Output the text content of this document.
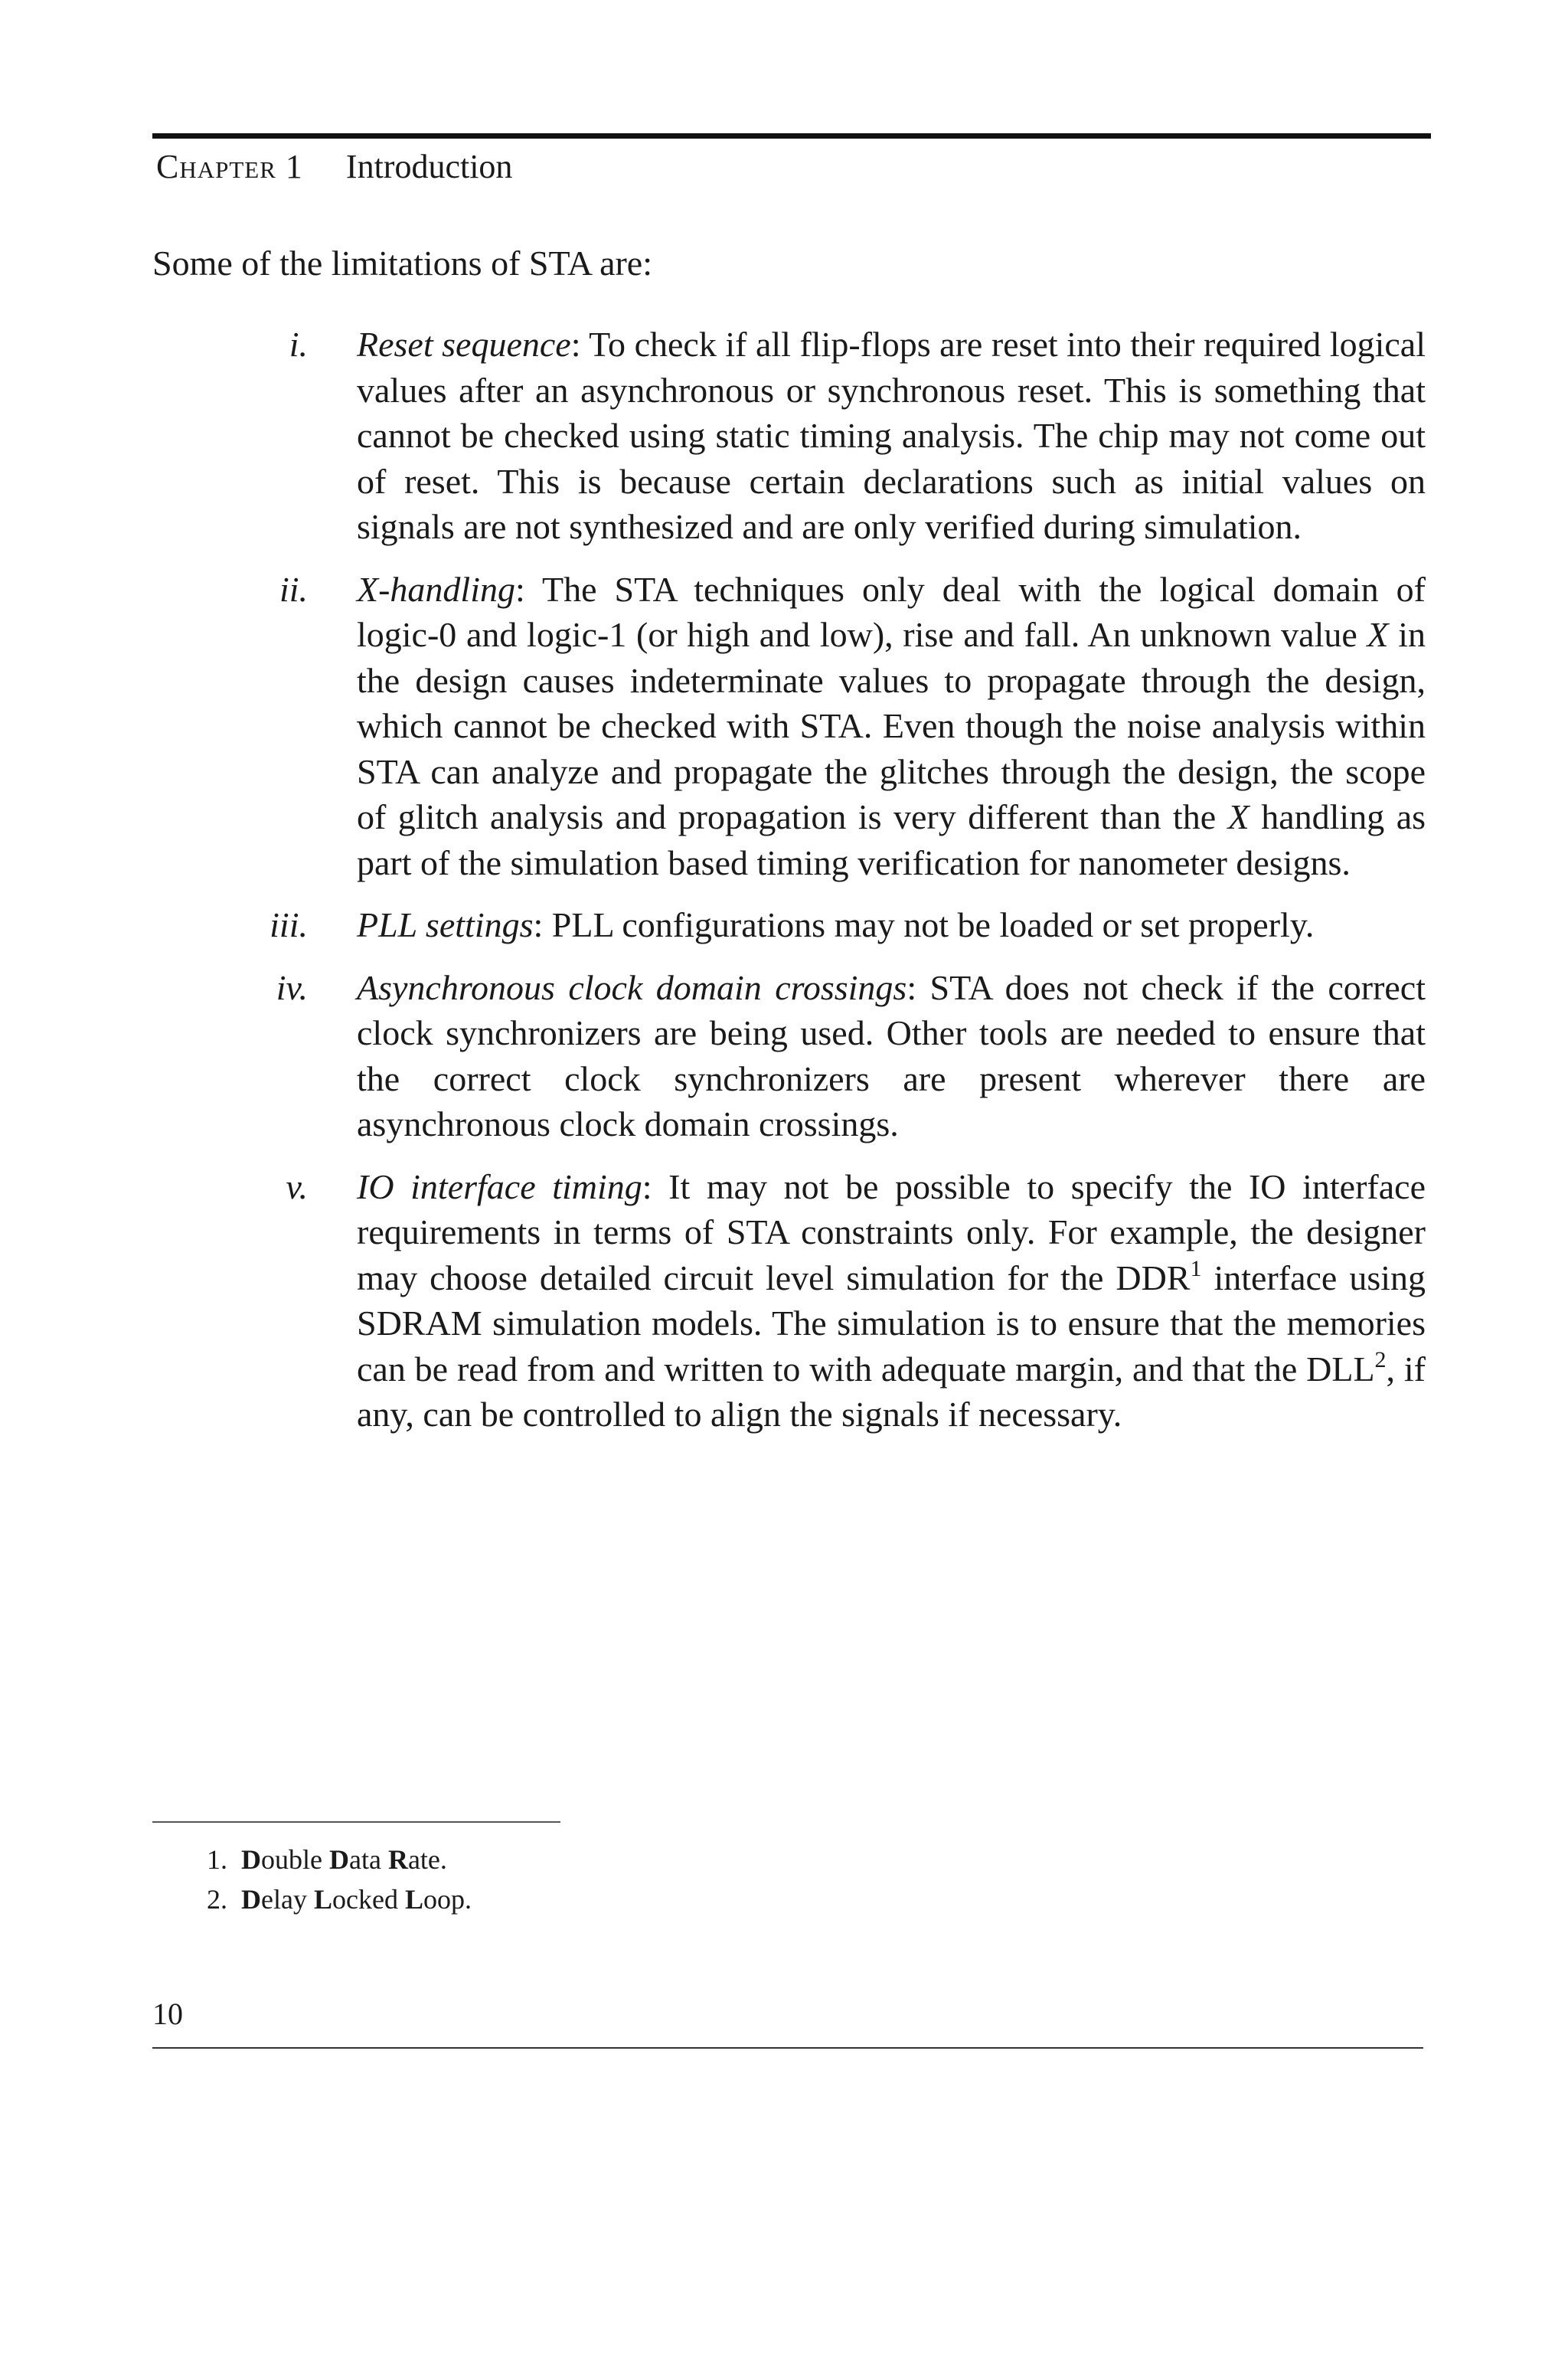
Chapter 1 Introduction
Some of the limitations of STA are:
i. Reset sequence: To check if all flip-flops are reset into their required logical values after an asynchronous or synchronous reset. This is something that cannot be checked using static timing analysis. The chip may not come out of reset. This is because certain declarations such as initial values on signals are not synthesized and are only verified during simulation.
ii. X-handling: The STA techniques only deal with the logical domain of logic-0 and logic-1 (or high and low), rise and fall. An unknown value X in the design causes indeterminate values to propagate through the design, which cannot be checked with STA. Even though the noise analysis within STA can analyze and propagate the glitches through the design, the scope of glitch analysis and propagation is very different than the X handling as part of the simulation based timing verification for nanometer designs.
iii. PLL settings: PLL configurations may not be loaded or set properly.
iv. Asynchronous clock domain crossings: STA does not check if the correct clock synchronizers are being used. Other tools are needed to ensure that the correct clock synchronizers are present wherever there are asynchronous clock domain crossings.
v. IO interface timing: It may not be possible to specify the IO interface requirements in terms of STA constraints only. For example, the designer may choose detailed circuit level simulation for the DDR$^1$ interface using SDRAM simulation models. The simulation is to ensure that the memories can be read from and written to with adequate margin, and that the DLL$^2$, if any, can be controlled to align the signals if necessary.
1. Double Data Rate.
2. Delay Locked Loop.
10
